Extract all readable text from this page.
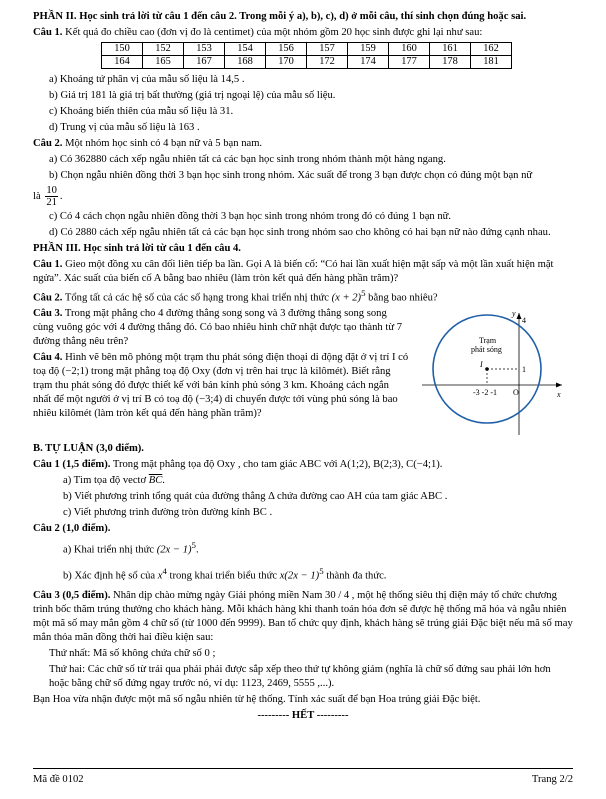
PHẦN II. Học sinh trả lời từ câu 1 đến câu 2. Trong mỗi ý a), b), c), d) ở mỗi câu, thí sinh chọn đúng hoặc sai.

Câu 1. Kết quả đo chiều cao (đơn vị đo là centimet) của một nhóm gồm 20 học sinh được ghi lại như sau:

150	152	153	154	156	157	159	160	161	162
164	165	167	168	170	172	174	177	178	181

a) Khoảng tứ phân vị của mẫu số liệu là 14,5 .

b) Giá trị 181 là giá trị bất thường (giá trị ngoại lệ) của mẫu số liệu.

c) Khoảng biến thiên của mẫu số liệu là 31.

d) Trung vị của mẫu số liệu là 163 .

Câu 2. Một nhóm học sinh có 4 bạn nữ và 5 bạn nam.

a) Có 362880 cách xếp ngẫu nhiên tất cả các bạn học sinh trong nhóm thành một hàng ngang.

b) Chọn ngẫu nhiên đồng thời 3 bạn học sinh trong nhóm. Xác suất để trong 3 bạn được chọn có đúng một bạn nữ

là $\frac{10}{21}$ .

c) Có 4 cách chọn ngẫu nhiên đồng thời 3 bạn học sinh trong nhóm trong đó có đúng 1 bạn nữ.

d) Có 2880 cách xếp ngẫu nhiên tất cả các bạn học sinh trong nhóm sao cho không có hai bạn nữ nào đứng cạnh nhau.

PHẦN III. Học sinh trả lời từ câu 1 đến câu 4.

Câu 1. Gieo một đồng xu cân đối liên tiếp ba lần. Gọi A là biến cố: “Có hai lần xuất hiện mặt sấp và một lần xuất hiện mặt ngửa”. Xác suất của biến cố A bằng bao nhiêu (làm tròn kết quả đến hàng phần trăm)?

Câu 2. Tổng tất cả các hệ số của các số hạng trong khai triển nhị thức $(x + 2)^5$ bằng bao nhiêu?

Câu 3. Trong mặt phẳng cho 4 đường thẳng song song và 3 đường thẳng song song cùng vuông góc với 4 đường thẳng đó. Có bao nhiêu hình chữ nhật được tạo thành từ 7 đường thẳng nêu trên?

Câu 4. Hình vẽ bên mô phỏng một trạm thu phát sóng điện thoại di động đặt ở vị trí I có toạ độ (−2;1) trong mặt phẳng toạ độ Oxy (đơn vị trên hai trục là kilômét). Biết rằng trạm thu phát sóng đó được thiết kế với bán kính phủ sóng 3 km. Khoảng cách ngắn nhất để một người ở vị trí B có toạ độ (−3;4) di chuyển được tới vùng phủ sóng là bao nhiêu kilômét (làm tròn kết quả đến hàng phần trăm)?

Trạm
phát sóng
I
y
x
O
4
1
-3 -2 -1

B. TỰ LUẬN (3,0 điểm).

Câu 1 (1,5 điểm). Trong mặt phẳng tọa độ Oxy , cho tam giác ABC với A(1;2), B(2;3), C(−4;1).

a) Tìm tọa độ vectơ $\overline{BC}$.

b) Viết phương trình tổng quát của đường thẳng Δ chứa đường cao AH của tam giác ABC .

c) Viết phương trình đường tròn đường kính BC .

Câu 2 (1,0 điểm).

a) Khai triển nhị thức $(2x - 1)^5$.

b) Xác định hệ số của $x^4$ trong khai triển biểu thức $x(2x - 1)^5$ thành đa thức.

Câu 3 (0,5 điểm). Nhân dịp chào mừng ngày Giải phóng miền Nam 30 / 4 , một hệ thống siêu thị điện máy tổ chức chương trình bốc thăm trúng thưởng cho khách hàng. Mỗi khách hàng khi thanh toán hóa đơn sẽ được hệ thống mã hóa và ngẫu nhiên một mã số may mắn gồm 4 chữ số (từ 1000 đến 9999). Ban tổ chức quy định, khách hàng sẽ trúng giải Đặc biệt nếu mã số may mắn thỏa mãn đồng thời hai điều kiện sau:

Thứ nhất: Mã số không chứa chữ số 0 ;

Thứ hai: Các chữ số từ trái qua phải phải được sắp xếp theo thứ tự không giảm (nghĩa là chữ số đứng sau phải lớn hơn hoặc bằng chữ số đứng ngay trước nó, ví dụ: 1123, 2469, 5555 ,...).

Bạn Hoa vừa nhận được một mã số ngẫu nhiên từ hệ thống. Tính xác suất để bạn Hoa trúng giải Đặc biệt.

--------- HẾT ---------

Mã đề 0102	Trang 2/2
